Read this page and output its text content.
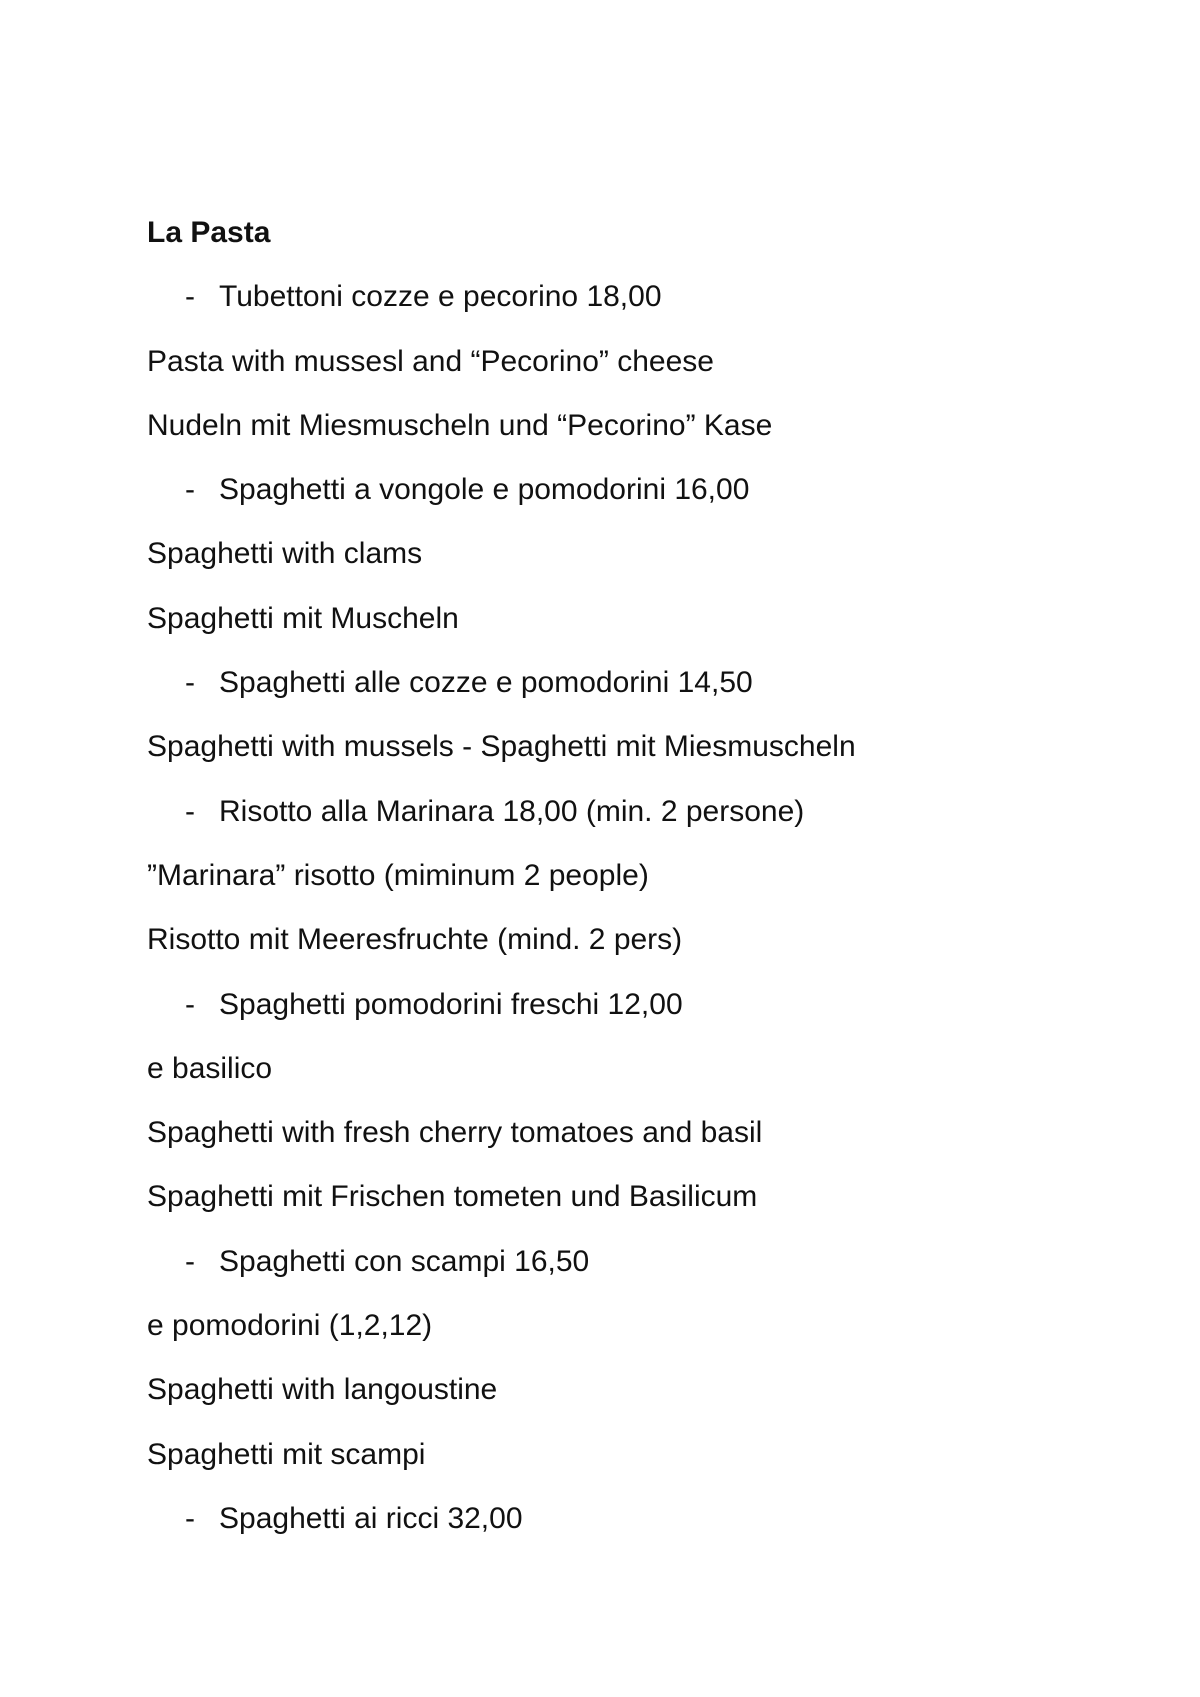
La Pasta
- Tubettoni cozze e pecorino 18,00
Pasta with mussesl and “Pecorino” cheese
Nudeln mit Miesmuscheln und “Pecorino” Kase
- Spaghetti a vongole e pomodorini 16,00
Spaghetti with clams
Spaghetti mit Muscheln
- Spaghetti alle cozze e pomodorini 14,50
Spaghetti with mussels - Spaghetti mit Miesmuscheln
- Risotto alla Marinara 18,00 (min. 2 persone)
”Marinara” risotto (miminum 2 people)
Risotto mit Meeresfruchte (mind. 2 pers)
- Spaghetti pomodorini freschi 12,00
e basilico
Spaghetti with fresh cherry tomatoes and basil
Spaghetti mit Frischen tometen und Basilicum
- Spaghetti con scampi 16,50
e pomodorini (1,2,12)
Spaghetti with langoustine
Spaghetti mit scampi
- Spaghetti ai ricci 32,00
